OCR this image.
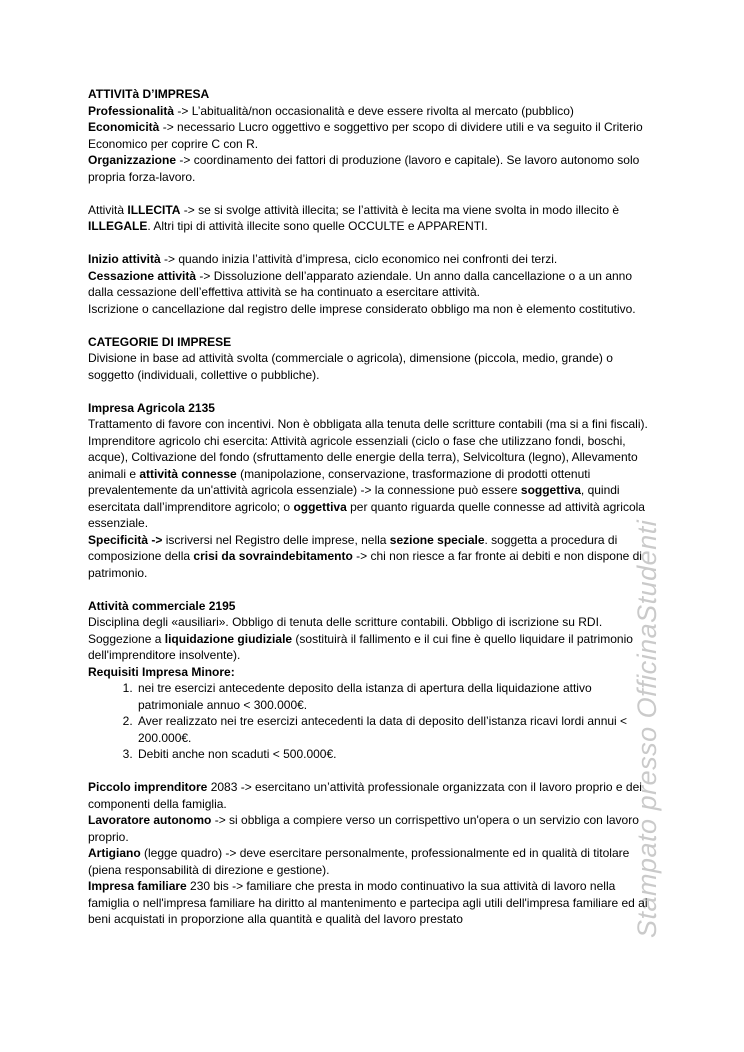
Stampato presso OfficinaStudenti

ATTIVITà D’IMPRESA

Professionalità -> L’abitualità/non occasionalità e deve essere rivolta al mercato (pubblico)

Economicità -> necessario Lucro oggettivo e soggettivo per scopo di dividere utili e va seguito il Criterio Economico per coprire C con R.

Organizzazione -> coordinamento dei fattori di produzione (lavoro e capitale). Se lavoro autonomo solo propria forza-lavoro.

Attività ILLECITA -> se si svolge attività illecita; se l’attività è lecita ma viene svolta in modo illecito è ILLEGALE. Altri tipi di attività illecite sono quelle OCCULTE e APPARENTI.

Inizio attività -> quando inizia l’attività d’impresa, ciclo economico nei confronti dei terzi.

Cessazione attività -> Dissoluzione dell’apparato aziendale. Un anno dalla cancellazione o a un anno dalla cessazione dell’effettiva attività se ha continuato a esercitare attività.

Iscrizione o cancellazione dal registro delle imprese considerato obbligo ma non è elemento costitutivo.

CATEGORIE DI IMPRESE

Divisione in base ad attività svolta (commerciale o agricola), dimensione (piccola, medio, grande) o soggetto (individuali, collettive o pubbliche).

Impresa Agricola 2135

Trattamento di favore con incentivi. Non è obbligata alla tenuta delle scritture contabili (ma si a fini fiscali). Imprenditore agricolo chi esercita: Attività agricole essenziali (ciclo o fase che utilizzano fondi, boschi, acque), Coltivazione del fondo (sfruttamento delle energie della terra), Selvicoltura (legno), Allevamento animali e attività connesse (manipolazione, conservazione, trasformazione di prodotti ottenuti prevalentemente da un'attività agricola essenziale) -> la connessione può essere soggettiva, quindi esercitata dall’imprenditore agricolo; o oggettiva per quanto riguarda quelle connesse ad attività agricola essenziale.

Specificità -> iscriversi nel Registro delle imprese, nella sezione speciale. soggetta a procedura di composizione della crisi da sovraindebitamento -> chi non riesce a far fronte ai debiti e non dispone di patrimonio.

Attività commerciale 2195

Disciplina degli «ausiliari». Obbligo di tenuta delle scritture contabili. Obbligo di iscrizione su RDI. Soggezione a liquidazione giudiziale (sostituirà il fallimento e il cui fine è quello liquidare il patrimonio dell'imprenditore insolvente).

Requisiti Impresa Minore:

1. nei tre esercizi antecedente deposito della istanza di apertura della liquidazione attivo patrimoniale annuo < 300.000€.
2. Aver realizzato nei tre esercizi antecedenti la data di deposito dell’istanza ricavi lordi annui < 200.000€.
3. Debiti anche non scaduti < 500.000€.

Piccolo imprenditore 2083 -> esercitano un’attività professionale organizzata con il lavoro proprio e dei componenti della famiglia.

Lavoratore autonomo -> si obbliga a compiere verso un corrispettivo un'opera o un servizio con lavoro proprio.

Artigiano (legge quadro) -> deve esercitare personalmente, professionalmente ed in qualità di titolare (piena responsabilità di direzione e gestione).

Impresa familiare 230 bis -> familiare che presta in modo continuativo la sua attività di lavoro nella famiglia o nell'impresa familiare ha diritto al mantenimento e partecipa agli utili dell'impresa familiare ed ai beni acquistati in proporzione alla quantità e qualità del lavoro prestato
